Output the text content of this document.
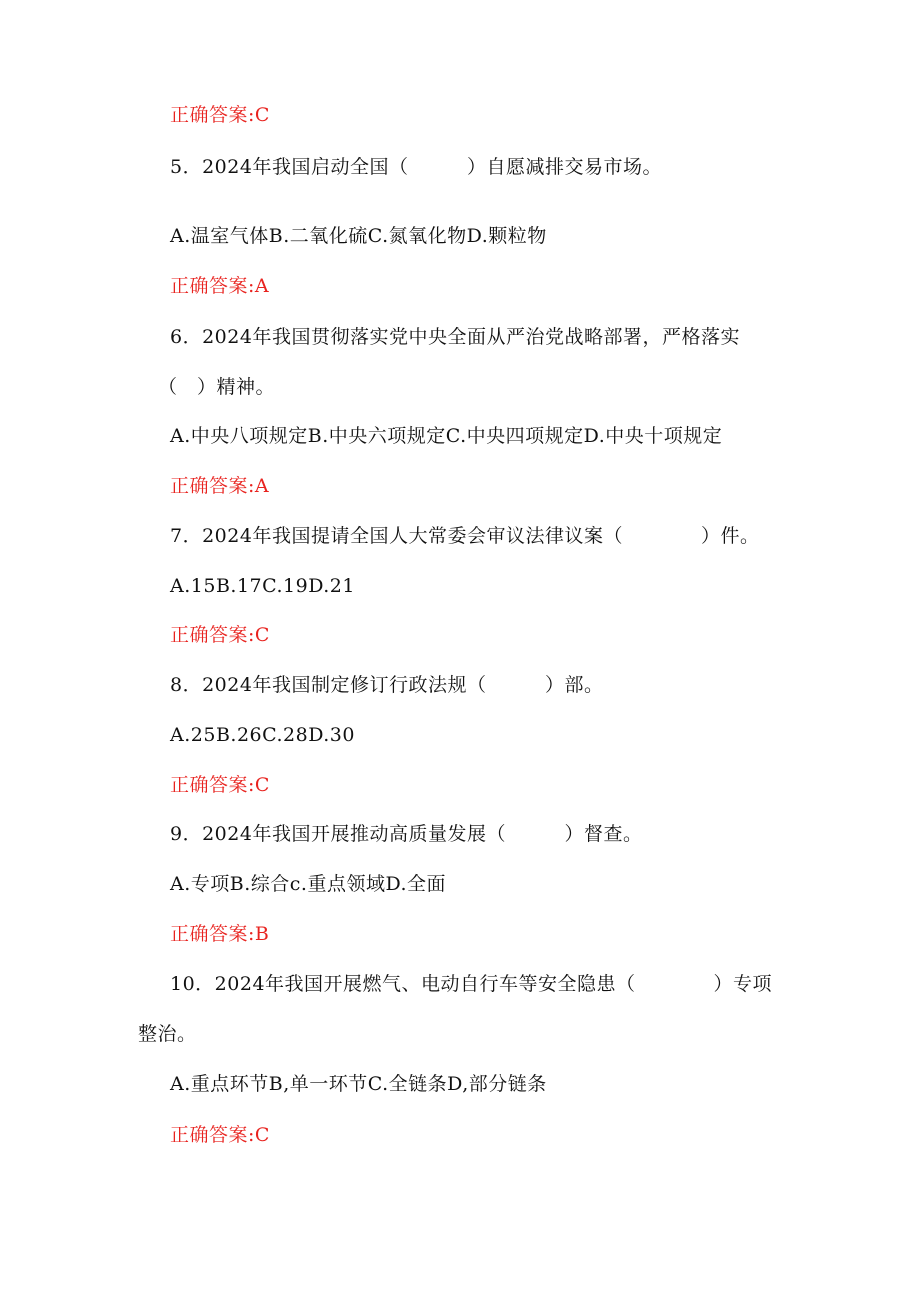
正确答案:C
5．2024年我国启动全国（　　　）自愿减排交易市场。
A.温室气体B.二氧化硫C.氮氧化物D.颗粒物
正确答案:A
6．2024年我国贯彻落实党中央全面从严治党战略部署，严格落实
（　）精神。
A.中央八项规定B.中央六项规定C.中央四项规定D.中央十项规定
正确答案:A
7．2024年我国提请全国人大常委会审议法律议案（　　　　）件。
A.15B.17C.19D.21
正确答案:C
8．2024年我国制定修订行政法规（　　　）部。
A.25B.26C.28D.30
正确答案:C
9．2024年我国开展推动高质量发展（　　　）督查。
A.专项B.综合c.重点领域D.全面
正确答案:B
10．2024年我国开展燃气、电动自行车等安全隐患（　　　　）专项
整治。
A.重点环节B,单一环节C.全链条D,部分链条
正确答案:C
